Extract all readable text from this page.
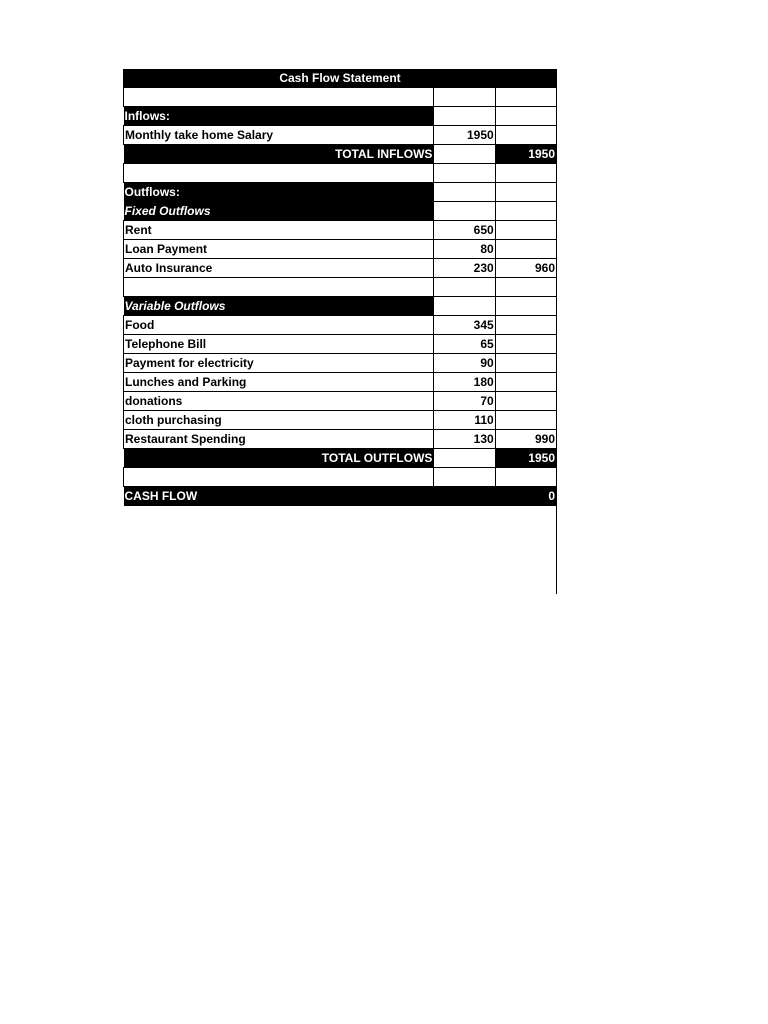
Cash Flow Statement

Inflows:		
Monthly take home Salary	1950	
TOTAL INFLOWS		1950

Outflows:		
Fixed Outflows		
Rent	650	
Loan Payment	80	
Auto Insurance	230	960

Variable Outflows		
Food	345	
Telephone Bill	65	
Payment for electricity	90	
Lunches and Parking	180	
donations	70	
cloth purchasing	110	
Restaurant Spending	130	990
TOTAL OUTFLOWS		1950

CASH FLOW		0
